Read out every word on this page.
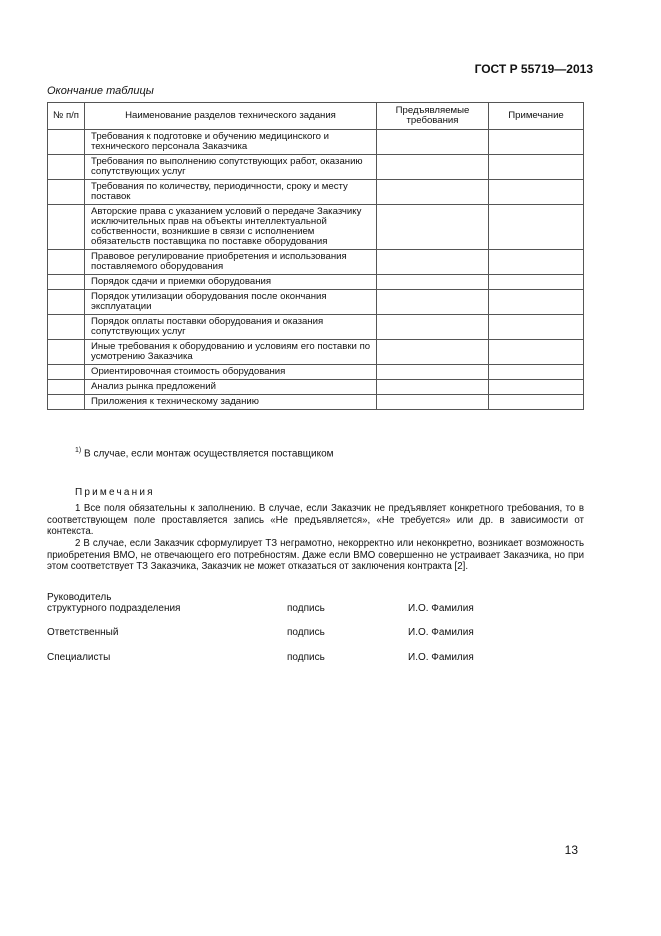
ГОСТ Р 55719—2013
Окончание таблицы
№ п/п	Наименование разделов технического задания	Предъявляемые требования	Примечание
	Требования к подготовке и обучению медицинского и технического персонала Заказчика		
	Требования по выполнению сопутствующих работ, оказанию сопутствующих услуг		
	Требования по количеству, периодичности, сроку и месту поставок		
	Авторские права с указанием условий о передаче Заказчику исключительных прав на объекты интеллектуальной собственности, возникшие в связи с исполнением обязательств поставщика по поставке оборудования		
	Правовое регулирование приобретения и использования поставляемого оборудования		
	Порядок сдачи и приемки оборудования		
	Порядок утилизации оборудования после окончания эксплуатации		
	Порядок оплаты поставки оборудования и оказания сопутствующих услуг		
	Иные требования к оборудованию и условиям его поставки по усмотрению Заказчика		
	Ориентировочная стоимость оборудования		
	Анализ рынка предложений		
	Приложения к техническому заданию		
$^{1)}$ В случае, если монтаж осуществляется поставщиком
Примечания
1 Все поля обязательны к заполнению. В случае, если Заказчик не предъявляет конкретного требования, то в соответствующем поле проставляется запись «Не предъявляется», «Не требуется» или др. в зависимости от контекста.
2 В случае, если Заказчик сформулирует ТЗ неграмотно, некорректно или неконкретно, возникает возможность приобретения ВМО, не отвечающего его потребностям. Даже если ВМО совершенно не устраивает Заказчика, но при этом соответствует ТЗ Заказчика, Заказчик не может отказаться от заключения контракта [2].
Руководитель
структурного подразделения	подпись	И.О. Фамилия
Ответственный	подпись	И.О. Фамилия
Специалисты	подпись	И.О. Фамилия
13
